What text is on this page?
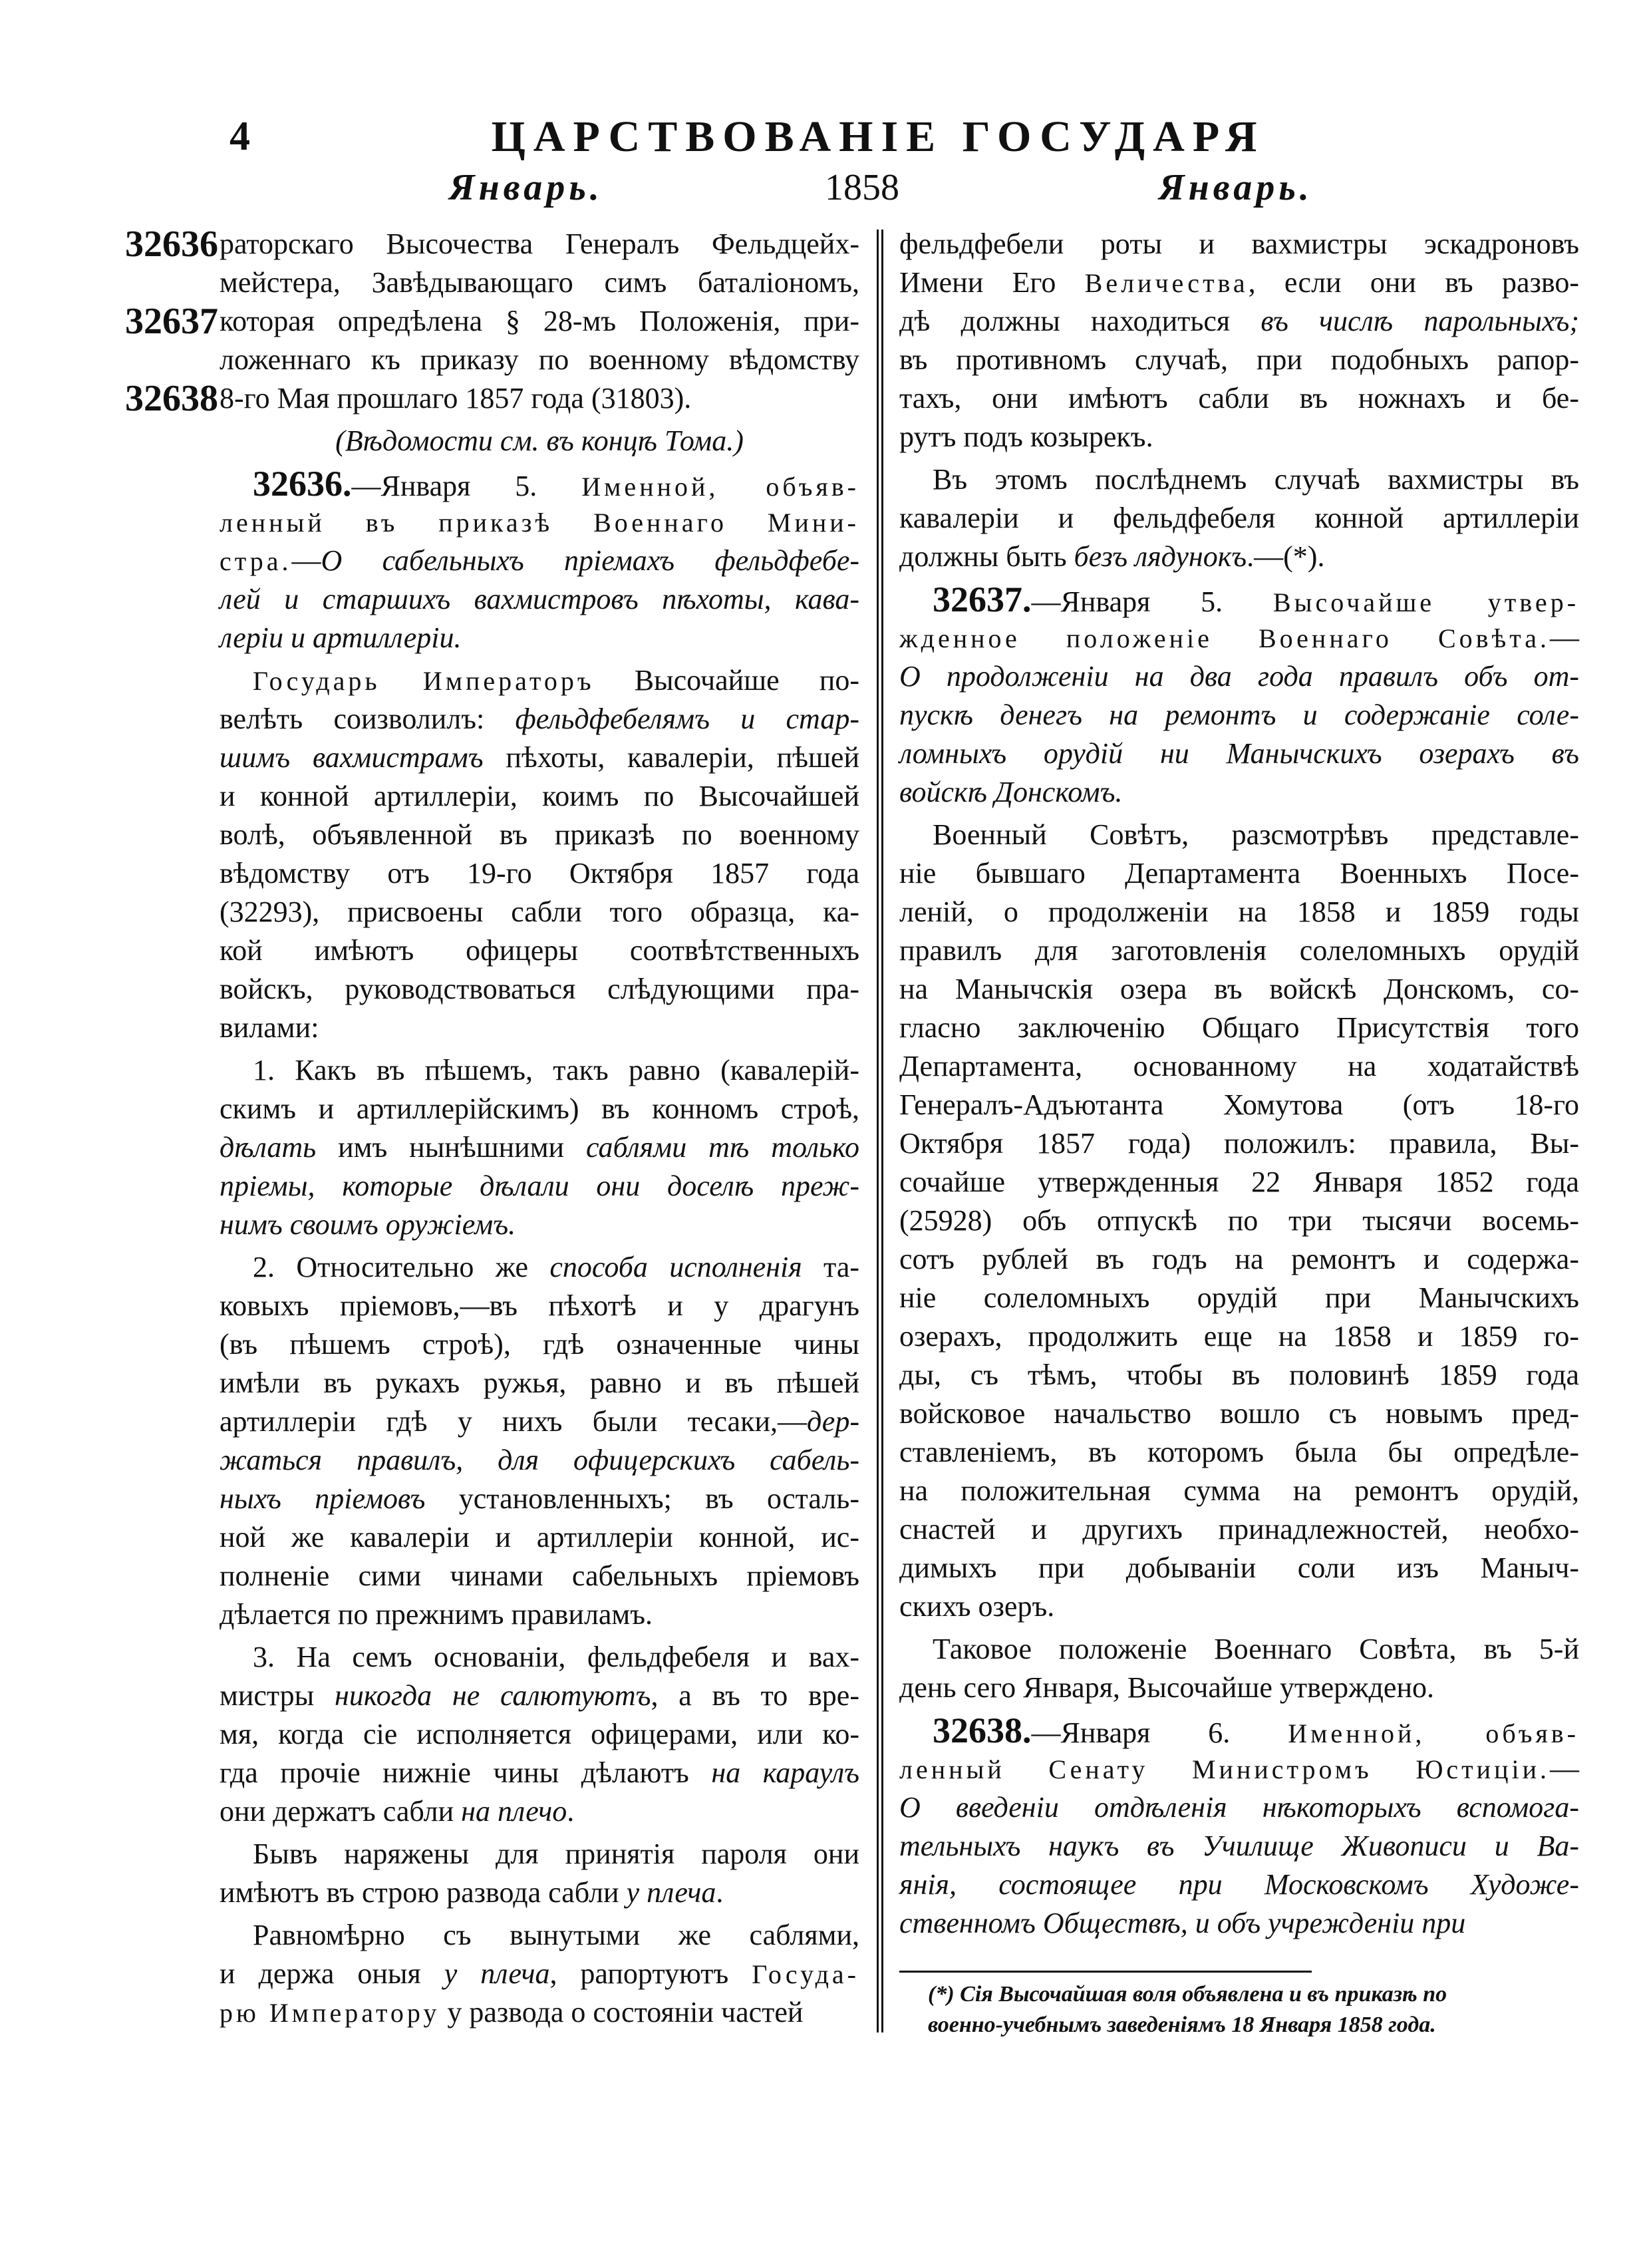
4	ЦАРСТВОВАНІЕ ГОСУДАРЯ
Январь.	1858	Январь.
32636
32637
32638
раторскаго Высочества Генералъ Фельдцейх-
мейстера, Завѣдывающаго симъ баталіономъ,
которая опредѣлена § 28-мъ Положенія, при-
ложеннаго къ приказу по военному вѣдомству
8-го Мая прошлаго 1857 года (31803).
(Вѣдомости см. въ концѣ Тома.)
32636.—Января 5. Именной, объяв-
ленный въ приказѣ Военнаго Мини-
стра.—О сабельныхъ пріемахъ фельдфебе-
лей и старшихъ вахмистровъ пѣхоты, кава-
леріи и артиллеріи.
Государь Императоръ Высочайше по-
велѣть соизволилъ: фельдфебелямъ и стар-
шимъ вахмистрамъ пѣхоты, кавалеріи, пѣшей
и конной артиллеріи, коимъ по Высочайшей
волѣ, объявленной въ приказѣ по военному
вѣдомству отъ 19-го Октября 1857 года
(32293), присвоены сабли того образца, ка-
кой имѣютъ офицеры соотвѣтственныхъ
войскъ, руководствоваться слѣдующими пра-
вилами:
1. Какъ въ пѣшемъ, такъ равно (кавалерій-
скимъ и артиллерійскимъ) въ конномъ строѣ,
дѣлать имъ нынѣшними саблями тѣ только
пріемы, которые дѣлали они доселѣ преж-
нимъ своимъ оружіемъ.
2. Относительно же способа исполненія та-
ковыхъ пріемовъ,—въ пѣхотѣ и у драгунъ
(въ пѣшемъ строѣ), гдѣ означенные чины
имѣли въ рукахъ ружья, равно и въ пѣшей
артиллеріи гдѣ у нихъ были тесаки,—дер-
жаться правилъ, для офицерскихъ сабель-
ныхъ пріемовъ установленныхъ; въ осталь-
ной же кавалеріи и артиллеріи конной, ис-
полненіе сими чинами сабельныхъ пріемовъ
дѣлается по прежнимъ правиламъ.
3. На семъ основаніи, фельдфебеля и вах-
мистры никогда не салютуютъ, а въ то вре-
мя, когда сіе исполняется офицерами, или ко-
гда прочіе нижніе чины дѣлаютъ на караулъ
они держатъ сабли на плечо.
Бывъ наряжены для принятія пароля они
имѣютъ въ строю развода сабли у плеча.
Равномѣрно съ вынутыми же саблями,
и держа оныя у плеча, рапортуютъ Госуда-
рю Императору у развода о состояніи частей
фельдфебели роты и вахмистры эскадроновъ
Имени Его Величества, если они въ разво-
дѣ должны находиться въ числѣ парольныхъ;
въ противномъ случаѣ, при подобныхъ рапор-
тахъ, они имѣютъ сабли въ ножнахъ и бе-
рутъ подъ козырекъ.
Въ этомъ послѣднемъ случаѣ вахмистры въ
кавалеріи и фельдфебеля конной артиллеріи
должны быть безъ лядунокъ.—(*).
32637.—Января 5. Высочайше утвер-
жденное положеніе Военнаго Совѣта.—
О продолженіи на два года правилъ объ от-
пускѣ денегъ на ремонтъ и содержаніе соле-
ломныхъ орудій ни Манычскихъ озерахъ въ
войскѣ Донскомъ.
Военный Совѣтъ, разсмотрѣвъ представле-
ніе бывшаго Департамента Военныхъ Посе-
леній, о продолженіи на 1858 и 1859 годы
правилъ для заготовленія солеломныхъ орудій
на Манычскія озера въ войскѣ Донскомъ, со-
гласно заключенію Общаго Присутствія того
Департамента, основанному на ходатайствѣ
Генералъ-Адъютанта Хомутова (отъ 18-го
Октября 1857 года) положилъ: правила, Вы-
сочайше утвержденныя 22 Января 1852 года
(25928) объ отпускѣ по три тысячи восемь-
сотъ рублей въ годъ на ремонтъ и содержа-
ніе солеломныхъ орудій при Манычскихъ
озерахъ, продолжить еще на 1858 и 1859 го-
ды, съ тѣмъ, чтобы въ половинѣ 1859 года
войсковое начальство вошло съ новымъ пред-
ставленіемъ, въ которомъ была бы опредѣле-
на положительная сумма на ремонтъ орудій,
снастей и другихъ принадлежностей, необхо-
димыхъ при добываніи соли изъ Маныч-
скихъ озеръ.
Таковое положеніе Военнаго Совѣта, въ 5-й
день сего Января, Высочайше утверждено.
32638.—Января 6. Именной, объяв-
ленный Сенату Министромъ Юстиціи.—
О введеніи отдѣленія нѣкоторыхъ вспомога-
тельныхъ наукъ въ Училище Живописи и Ва-
янія, состоящее при Московскомъ Художе-
ственномъ Обществѣ, и объ учрежденіи при
(*) Сія Высочайшая воля объявлена и въ приказѣ по
военно-учебнымъ заведеніямъ 18 Января 1858 года.
